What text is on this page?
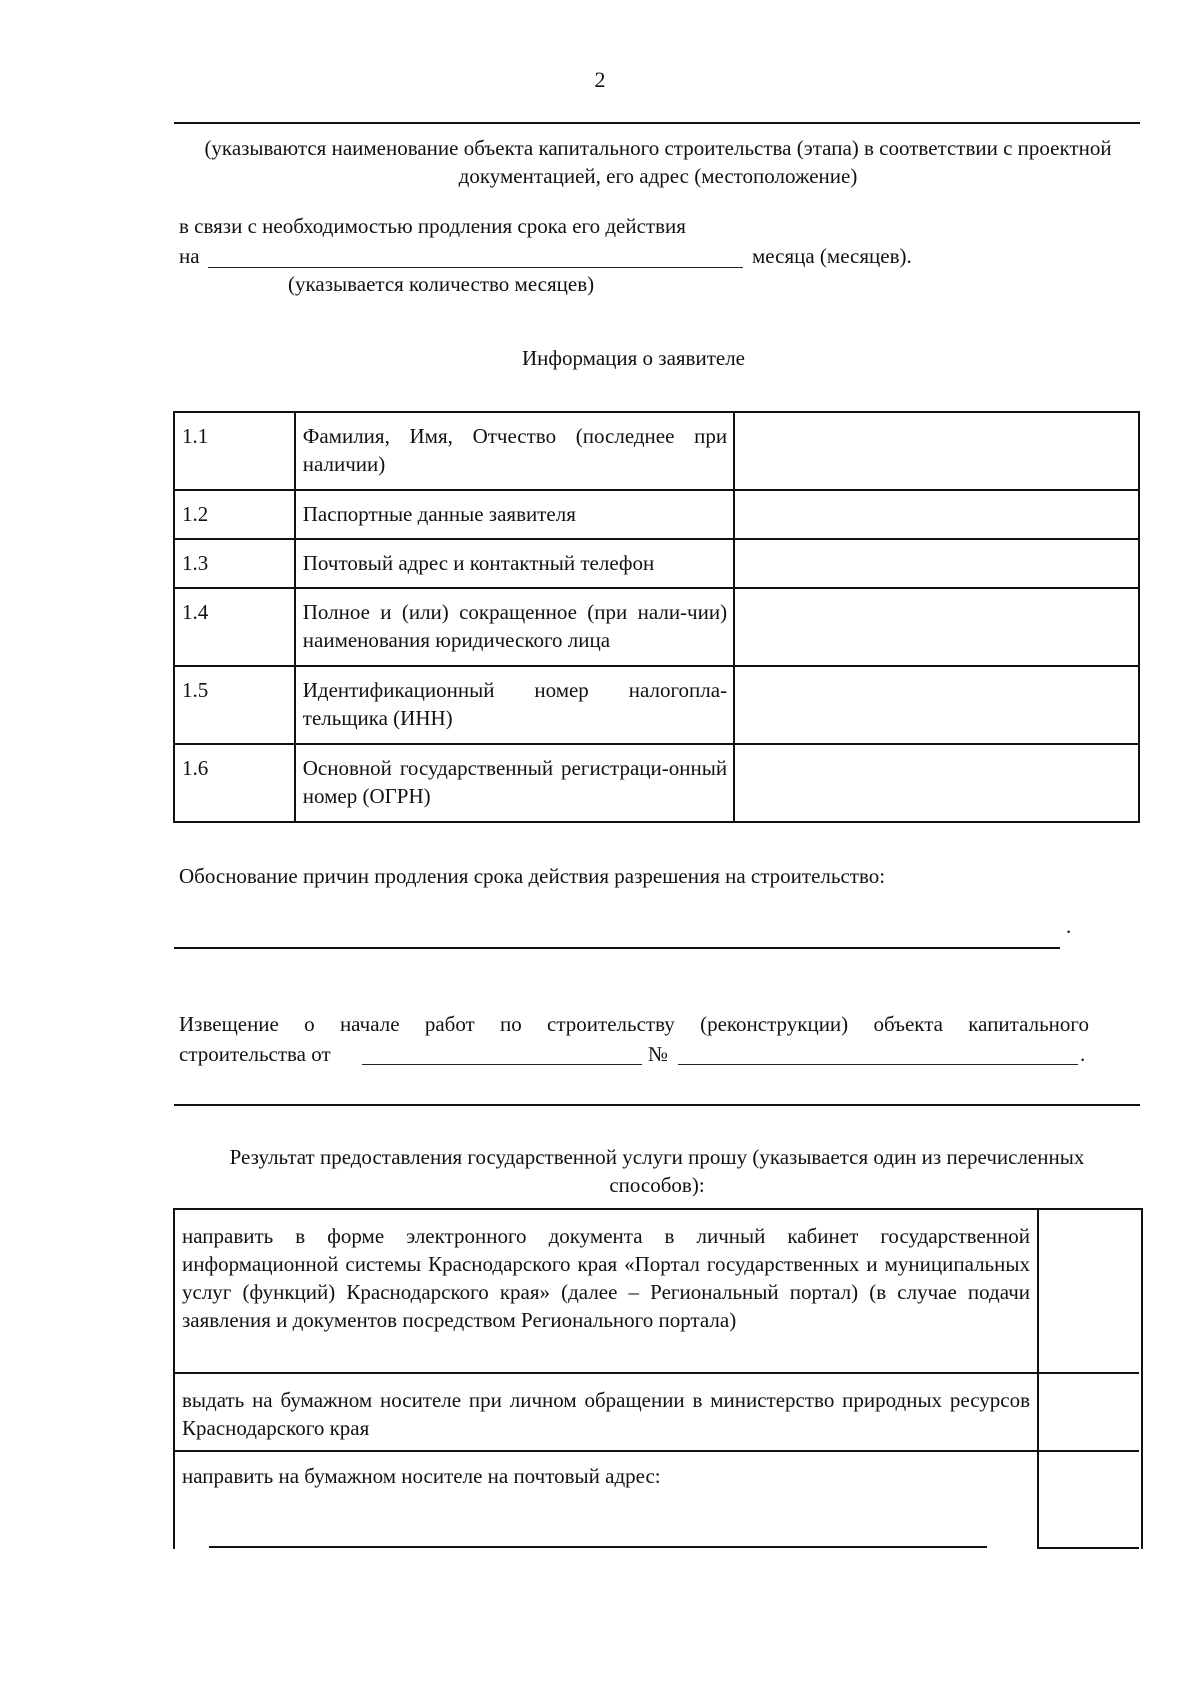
2
(указываются наименование объекта капитального строительства (этапа) в соответствии с проектной документацией, его адрес (местоположение)
в связи с необходимостью продления срока его действия
на	месяца (месяцев).
(указывается количество месяцев)
Информация о заявителе
1.1	Фамилия, Имя, Отчество (последнее при наличии)	
1.2	Паспортные данные заявителя	
1.3	Почтовый адрес и контактный телефон	
1.4	Полное и (или) сокращенное (при нали-чии) наименования юридического лица	
1.5	Идентификационный номер налогопла-тельщика (ИНН)	
1.6	Основной государственный регистраци-онный номер (ОГРН)	
Обоснование причин продления срока действия разрешения на строительство:
.
Извещение о начале работ по строительству (реконструкции) объекта капитального
строительства от	№	.
Результат предоставления государственной услуги прошу (указывается один из перечисленных способов):
направить в форме электронного документа в личный кабинет государственной информационной системы Краснодарского края «Портал государственных и муниципальных услуг (функций) Краснодарского края» (далее – Региональный портал) (в случае подачи заявления и документов посредством Регионального портала)
выдать на бумажном носителе при личном обращении в министерство природных ресурсов Краснодарского края
направить на бумажном носителе на почтовый адрес:
